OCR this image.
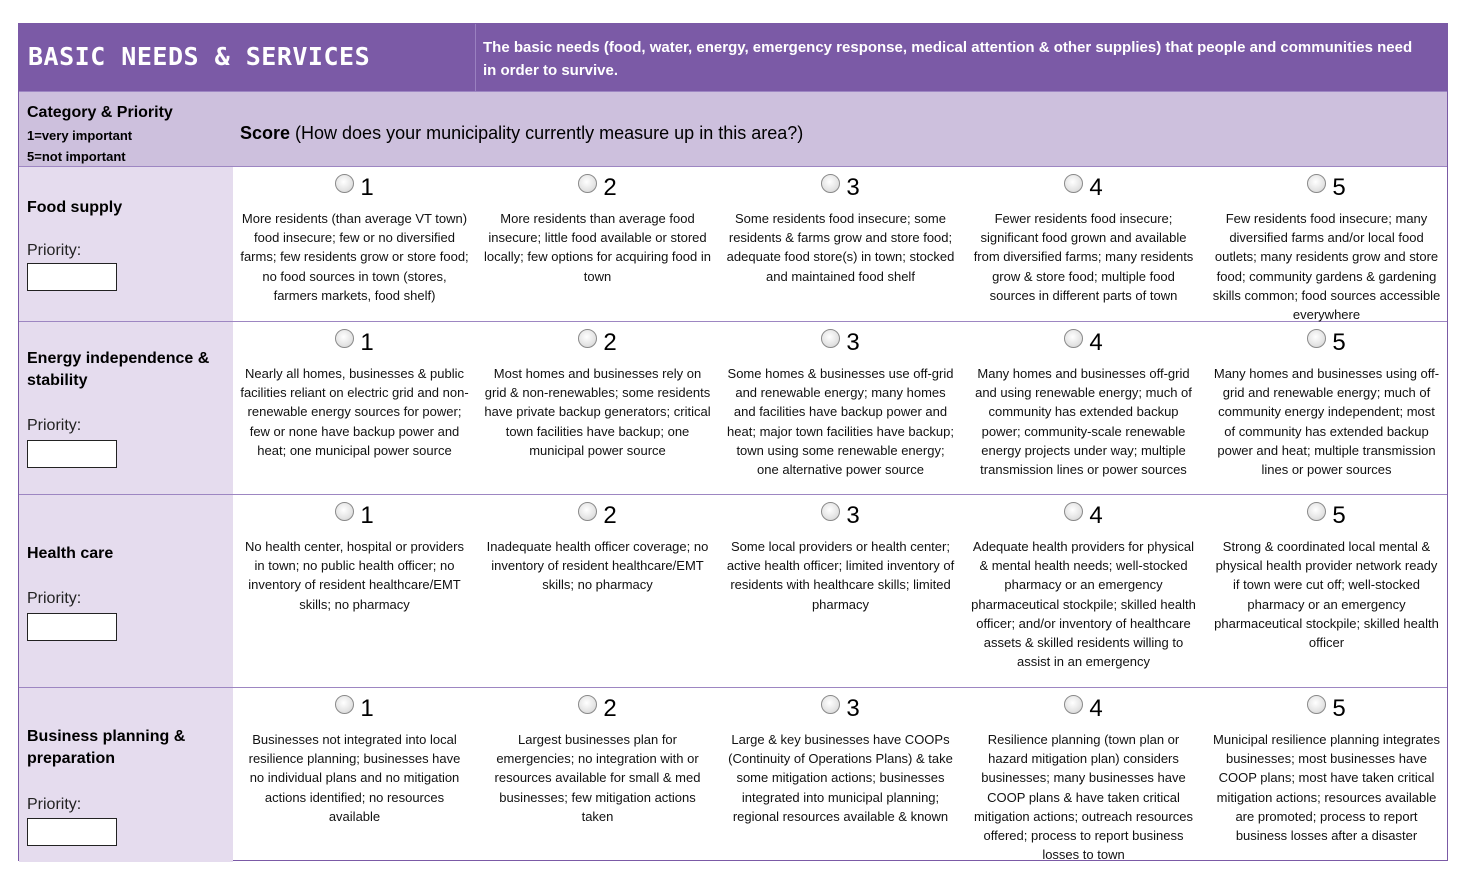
BASIC NEEDS & SERVICES	The basic needs (food, water, energy, emergency response, medical attention & other supplies) that people and communities need in order to survive.
Category & Priority
1=very important
5=not important
Score (How does your municipality currently measure up in this area?)
Food supply
Priority:
1
More residents (than average VT town) food insecure; few or no diversified farms; few residents grow or store food; no food sources in town (stores, farmers markets, food shelf)
2
More residents than average food insecure; little food available or stored locally; few options for acquiring food in town
3
Some residents food insecure; some residents & farms grow and store food; adequate food store(s) in town; stocked and maintained food shelf
4
Fewer residents food insecure; significant food grown and available from diversified farms; many residents grow & store food; multiple food sources in different parts of town
5
Few residents food insecure; many diversified farms and/or local food outlets; many residents grow and store food; community gardens & gardening skills common; food sources accessible everywhere
Energy independence & stability
Priority:
1
Nearly all homes, businesses & public facilities reliant on electric grid and non-renewable energy sources for power; few or none have backup power and heat; one municipal power source
2
Most homes and businesses rely on grid & non-renewables; some residents have private backup generators; critical town facilities have backup; one municipal power source
3
Some homes & businesses use off-grid and renewable energy; many homes and facilities have backup power and heat; major town facilities have backup; town using some renewable energy; one alternative power source
4
Many homes and businesses off-grid and using renewable energy; much of community has extended backup power; community-scale renewable energy projects under way; multiple transmission lines or power sources
5
Many homes and businesses using off-grid and renewable energy; much of community energy independent; most of community has extended backup power and heat; multiple transmission lines or power sources
Health care
Priority:
1
No health center, hospital or providers in town; no public health officer; no inventory of resident healthcare/EMT skills; no pharmacy
2
Inadequate health officer coverage; no inventory of resident healthcare/EMT skills; no pharmacy
3
Some local providers or health center; active health officer; limited inventory of residents with healthcare skills; limited pharmacy
4
Adequate health providers for physical & mental health needs; well-stocked pharmacy or an emergency pharmaceutical stockpile; skilled health officer; and/or inventory of healthcare assets & skilled residents willing to assist in an emergency
5
Strong & coordinated local mental & physical health provider network ready if town were cut off; well-stocked pharmacy or an emergency pharmaceutical stockpile; skilled health officer
Business planning & preparation
Priority:
1
Businesses not integrated into local resilience planning; businesses have no individual plans and no mitigation actions identified; no resources available
2
Largest businesses plan for emergencies; no integration with or resources available for small & med businesses; few mitigation actions taken
3
Large & key businesses have COOPs (Continuity of Operations Plans) & take some mitigation actions; businesses integrated into municipal planning; regional resources available & known
4
Resilience planning (town plan or hazard mitigation plan) considers businesses; many businesses have COOP plans & have taken critical mitigation actions; outreach resources offered; process to report business losses to town
5
Municipal resilience planning integrates businesses; most businesses have COOP plans; most have taken critical mitigation actions; resources available are promoted; process to report business losses after a disaster
